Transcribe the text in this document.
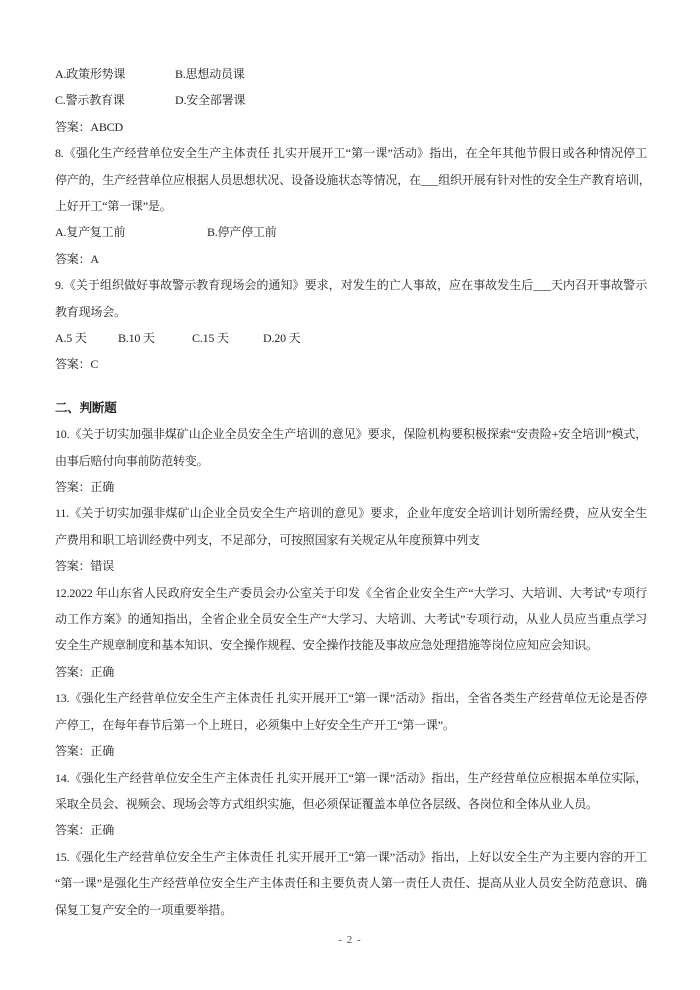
A.政策形势课	B.思想动员课
C.警示教育课	D.安全部署课
答案：ABCD
8.《强化生产经营单位安全生产主体责任 扎实开展开工“第一课”活动》指出，在全年其他节假日或各种情况停工
停产的，生产经营单位应根据人员思想状况、设备设施状态等情况，在___组织开展有针对性的安全生产教育培训，
上好开工“第一课”是。
A.复产复工前	B.停产停工前
答案：A
9.《关于组织做好事故警示教育现场会的通知》要求，对发生的亡人事故，应在事故发生后___天内召开事故警示
教育现场会。
A.5 天	B.10 天	C.15 天	D.20 天
答案：C
二、判断题
10.《关于切实加强非煤矿山企业全员安全生产培训的意见》要求，保险机构要积极探索“安责险+安全培训”模式，
由事后赔付向事前防范转变。
答案：正确
11.《关于切实加强非煤矿山企业全员安全生产培训的意见》要求，企业年度安全培训计划所需经费，应从安全生
产费用和职工培训经费中列支，不足部分，可按照国家有关规定从年度预算中列支
答案：错误
12.2022 年山东省人民政府安全生产委员会办公室关于印发《全省企业安全生产“大学习、大培训、大考试”专项行
动工作方案》的通知指出，全省企业全员安全生产“大学习、大培训、大考试”专项行动，从业人员应当重点学习
安全生产规章制度和基本知识、安全操作规程、安全操作技能及事故应急处理措施等岗位应知应会知识。
答案：正确
13.《强化生产经营单位安全生产主体责任 扎实开展开工“第一课”活动》指出，全省各类生产经营单位无论是否停
产停工，在每年春节后第一个上班日，必须集中上好安全生产开工“第一课”。
答案：正确
14.《强化生产经营单位安全生产主体责任 扎实开展开工“第一课”活动》指出，生产经营单位应根据本单位实际，
采取全员会、视频会、现场会等方式组织实施，但必须保证覆盖本单位各层级、各岗位和全体从业人员。
答案：正确
15.《强化生产经营单位安全生产主体责任 扎实开展开工“第一课”活动》指出，上好以安全生产为主要内容的开工
“第一课”是强化生产经营单位安全生产主体责任和主要负责人第一责任人责任、提高从业人员安全防范意识、确
保复工复产安全的一项重要举措。
- 2 -
